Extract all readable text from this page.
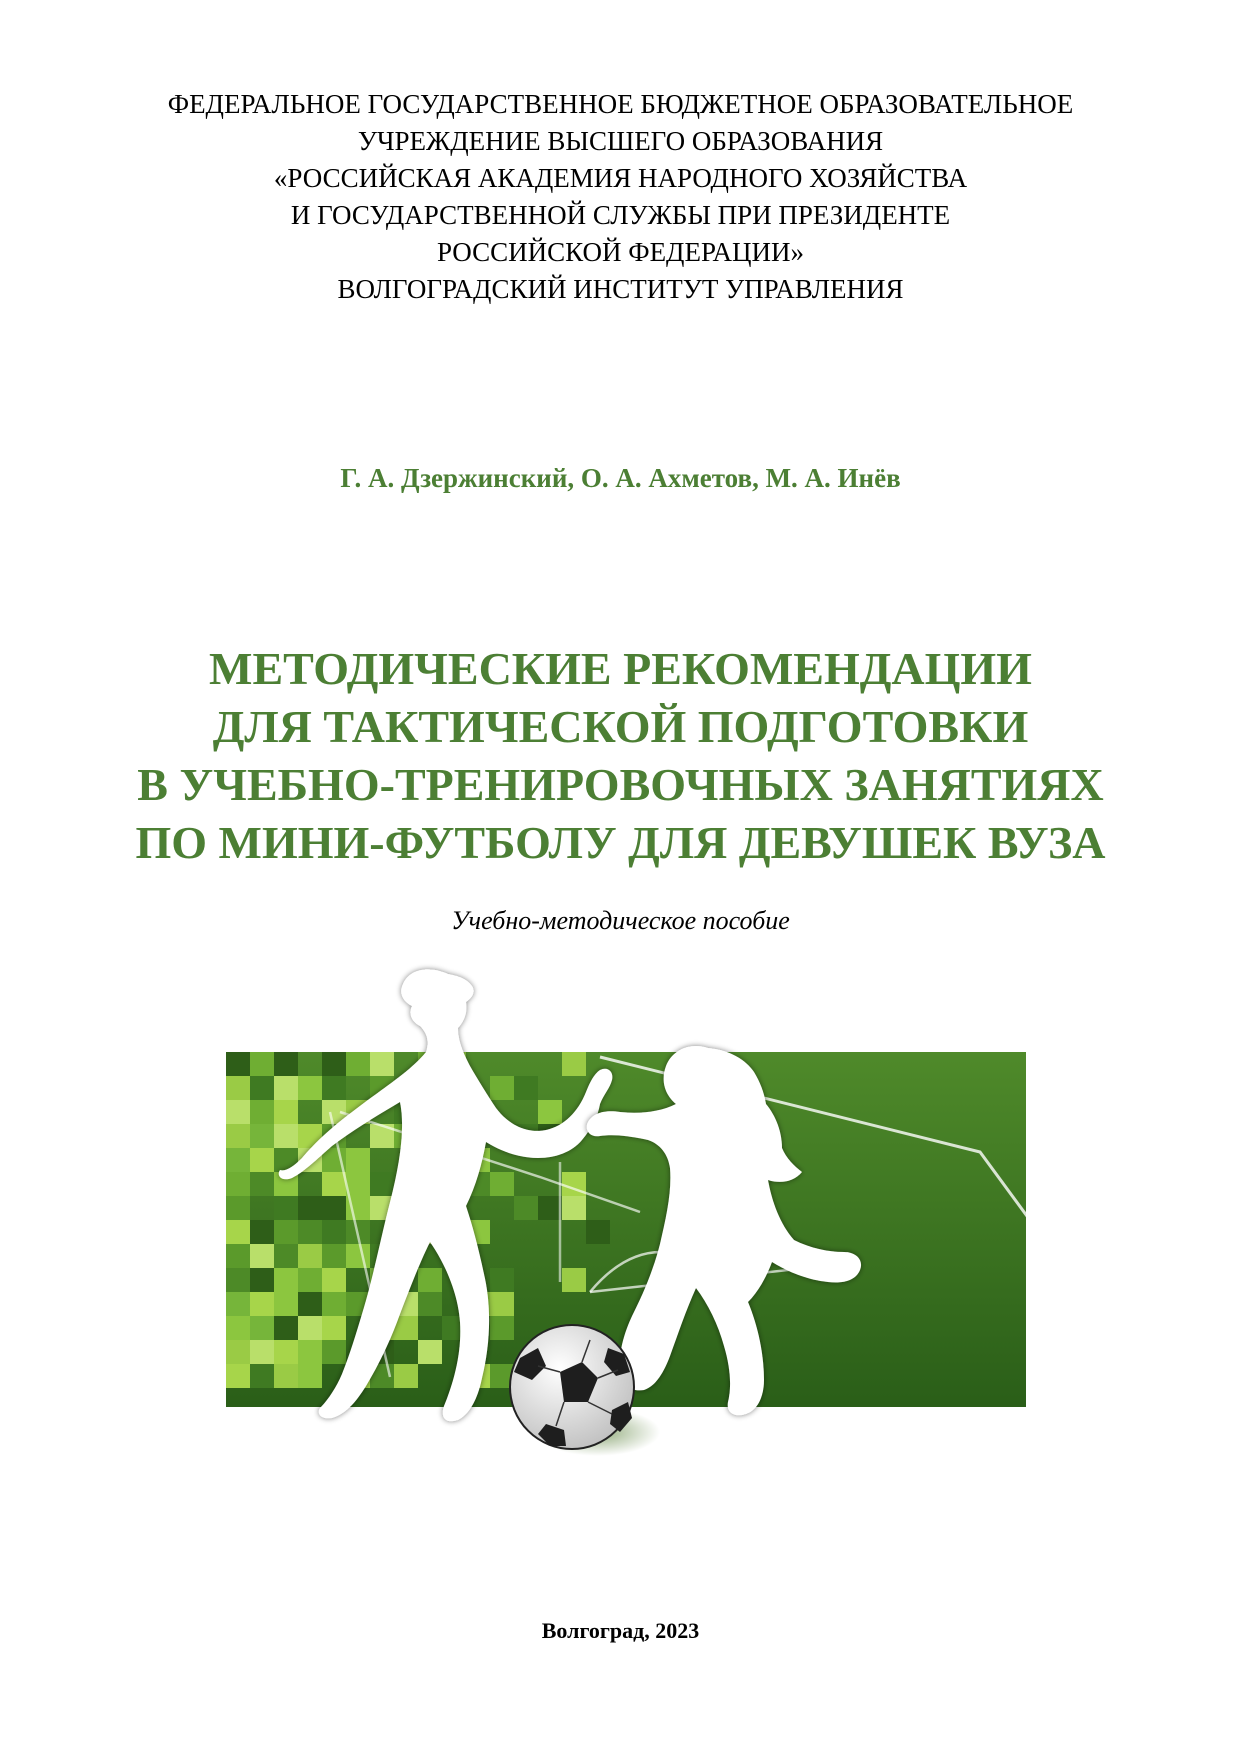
ФЕДЕРАЛЬНОЕ ГОСУДАРСТВЕННОЕ БЮДЖЕТНОЕ ОБРАЗОВАТЕЛЬНОЕ
УЧРЕЖДЕНИЕ ВЫСШЕГО ОБРАЗОВАНИЯ
«РОССИЙСКАЯ АКАДЕМИЯ НАРОДНОГО ХОЗЯЙСТВА
И ГОСУДАРСТВЕННОЙ СЛУЖБЫ ПРИ ПРЕЗИДЕНТЕ
РОССИЙСКОЙ ФЕДЕРАЦИИ»
ВОЛГОГРАДСКИЙ ИНСТИТУТ УПРАВЛЕНИЯ
Г. А. Дзержинский, О. А. Ахметов, М. А. Инёв
МЕТОДИЧЕСКИЕ РЕКОМЕНДАЦИИ
ДЛЯ ТАКТИЧЕСКОЙ ПОДГОТОВКИ
В УЧЕБНО-ТРЕНИРОВОЧНЫХ ЗАНЯТИЯХ
ПО МИНИ-ФУТБОЛУ ДЛЯ ДЕВУШЕК ВУЗА
Учебно-методическое пособие
Волгоград, 2023
